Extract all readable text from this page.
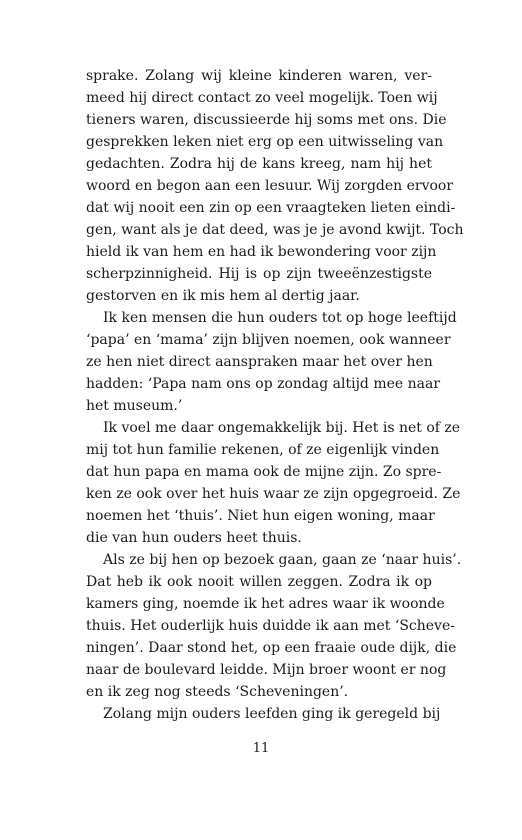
sprake. Zolang wij kleine kinderen waren, ver-
meed hij direct contact zo veel mogelijk. Toen wij
tieners waren, discussieerde hij soms met ons. Die
gesprekken leken niet erg op een uitwisseling van
gedachten. Zodra hij de kans kreeg, nam hij het
woord en begon aan een lesuur. Wij zorgden ervoor
dat wij nooit een zin op een vraagteken lieten eindi-
gen, want als je dat deed, was je je avond kwijt. Toch
hield ik van hem en had ik bewondering voor zijn
scherpzinnigheid. Hij is op zijn tweeënzestigste
gestorven en ik mis hem al dertig jaar.

Ik ken mensen die hun ouders tot op hoge leeftijd
‘papa’ en ‘mama’ zijn blijven noemen, ook wanneer
ze hen niet direct aanspraken maar het over hen
hadden: ‘Papa nam ons op zondag altijd mee naar
het museum.’

Ik voel me daar ongemakkelijk bij. Het is net of ze
mij tot hun familie rekenen, of ze eigenlijk vinden
dat hun papa en mama ook de mijne zijn. Zo spre-
ken ze ook over het huis waar ze zijn opgegroeid. Ze
noemen het ‘thuis’. Niet hun eigen woning, maar
die van hun ouders heet thuis.

Als ze bij hen op bezoek gaan, gaan ze ‘naar huis’.
Dat heb ik ook nooit willen zeggen. Zodra ik op
kamers ging, noemde ik het adres waar ik woonde
thuis. Het ouderlijk huis duidde ik aan met ‘Scheve-
ningen’. Daar stond het, op een fraaie oude dijk, die
naar de boulevard leidde. Mijn broer woont er nog
en ik zeg nog steeds ‘Scheveningen’.

Zolang mijn ouders leefden ging ik geregeld bij

11
